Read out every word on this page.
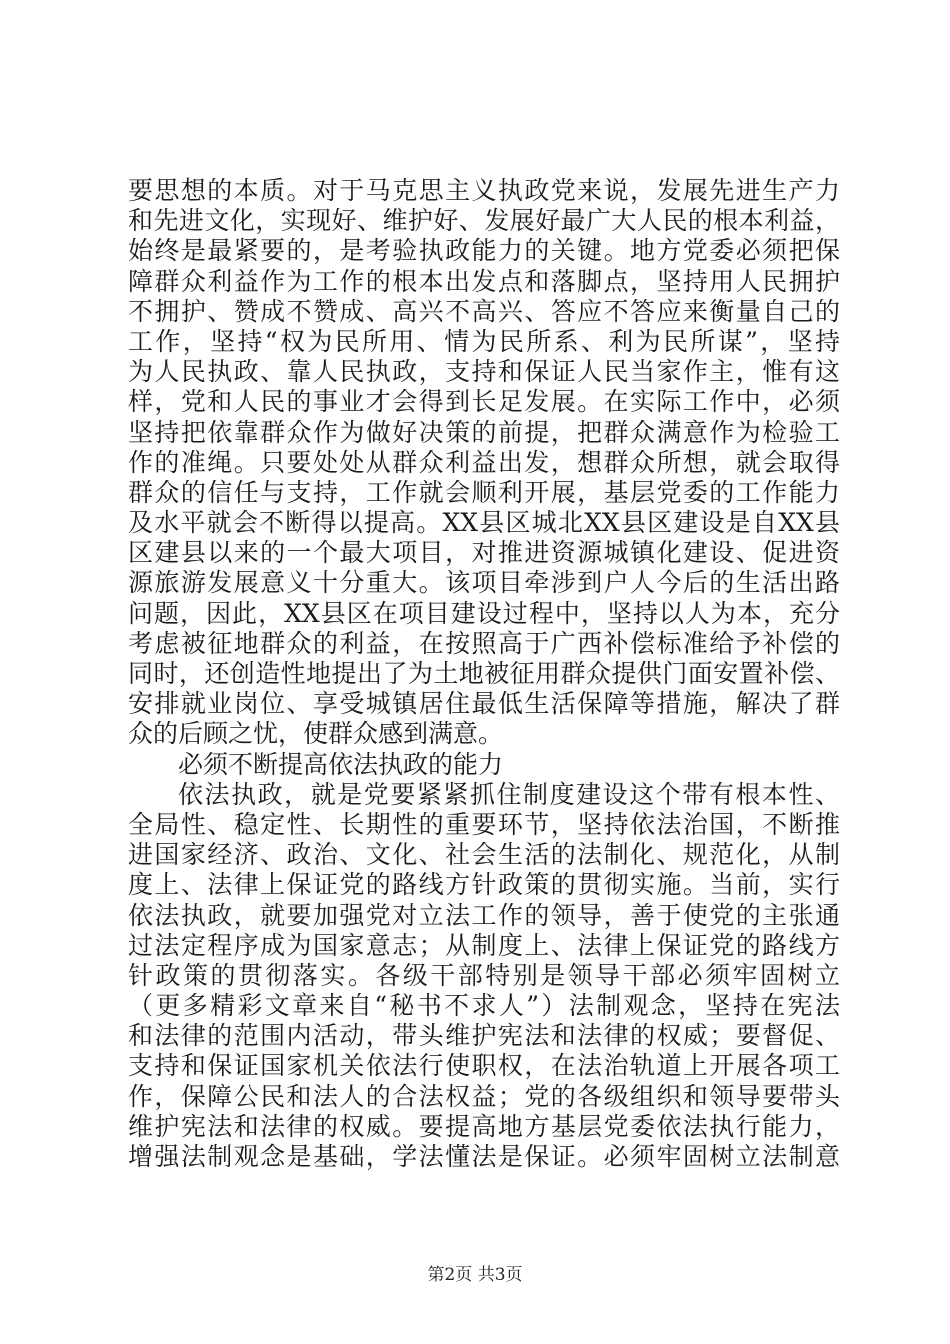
要思想的本质。对于马克思主义执政党来说，发展先进生产力
和先进文化，实现好、维护好、发展好最广大人民的根本利益，
始终是最紧要的，是考验执政能力的关键。地方党委必须把保
障群众利益作为工作的根本出发点和落脚点，坚持用人民拥护
不拥护、赞成不赞成、高兴不高兴、答应不答应来衡量自己的
工作，坚持“权为民所用、情为民所系、利为民所谋”，坚持
为人民执政、靠人民执政，支持和保证人民当家作主，惟有这
样，党和人民的事业才会得到长足发展。在实际工作中，必须
坚持把依靠群众作为做好决策的前提，把群众满意作为检验工
作的准绳。只要处处从群众利益出发，想群众所想，就会取得
群众的信任与支持，工作就会顺利开展，基层党委的工作能力
及水平就会不断得以提高。XX县区城北XX县区建设是自XX县
区建县以来的一个最大项目，对推进资源城镇化建设、促进资
源旅游发展意义十分重大。该项目牵涉到户人今后的生活出路
问题，因此，XX县区在项目建设过程中，坚持以人为本，充分
考虑被征地群众的利益，在按照高于广西补偿标准给予补偿的
同时，还创造性地提出了为土地被征用群众提供门面安置补偿、
安排就业岗位、享受城镇居住最低生活保障等措施，解决了群
众的后顾之忧，使群众感到满意。
必须不断提高依法执政的能力
依法执政，就是党要紧紧抓住制度建设这个带有根本性、
全局性、稳定性、长期性的重要环节，坚持依法治国，不断推
进国家经济、政治、文化、社会生活的法制化、规范化，从制
度上、法律上保证党的路线方针政策的贯彻实施。当前，实行
依法执政，就要加强党对立法工作的领导，善于使党的主张通
过法定程序成为国家意志；从制度上、法律上保证党的路线方
针政策的贯彻落实。各级干部特别是领导干部必须牢固树立
（更多精彩文章来自“秘书不求人”）法制观念，坚持在宪法
和法律的范围内活动，带头维护宪法和法律的权威；要督促、
支持和保证国家机关依法行使职权，在法治轨道上开展各项工
作，保障公民和法人的合法权益；党的各级组织和领导要带头
维护宪法和法律的权威。要提高地方基层党委依法执行能力，
增强法制观念是基础，学法懂法是保证。必须牢固树立法制意
第2页 共3页
